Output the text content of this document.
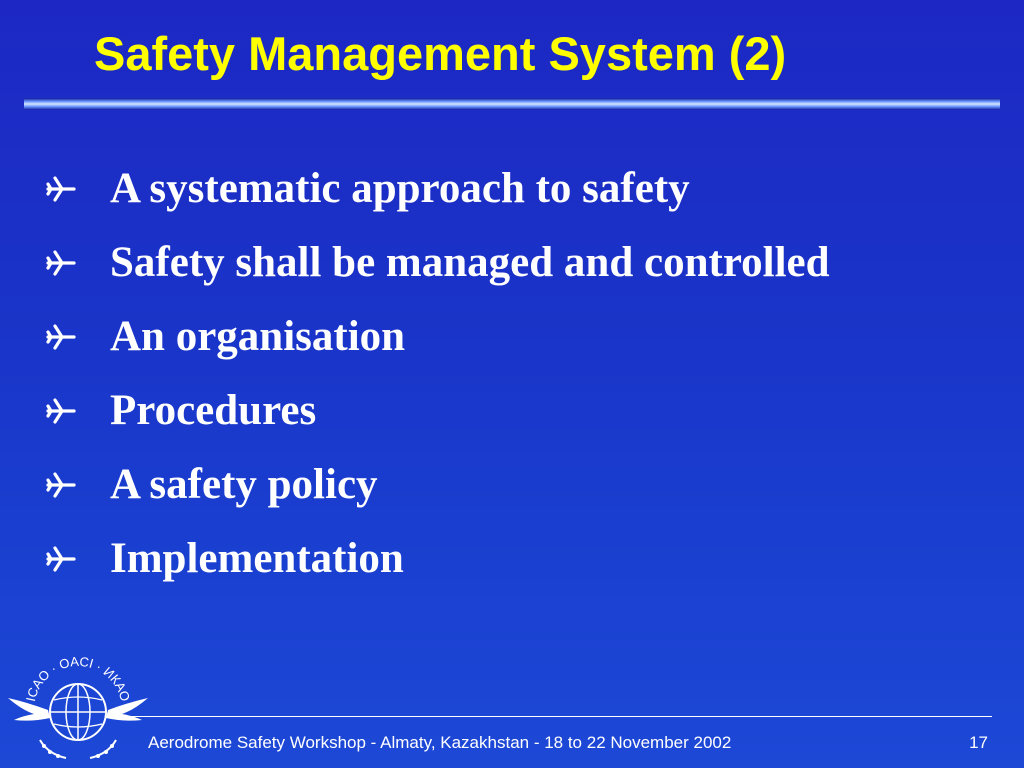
Safety Management System (2)
A systematic approach to safety
Safety shall be managed and controlled
An organisation
Procedures
A safety policy
Implementation
ICAO · OACI · ИКАО
Aerodrome Safety Workshop - Almaty, Kazakhstan - 18 to 22 November 2002	17
